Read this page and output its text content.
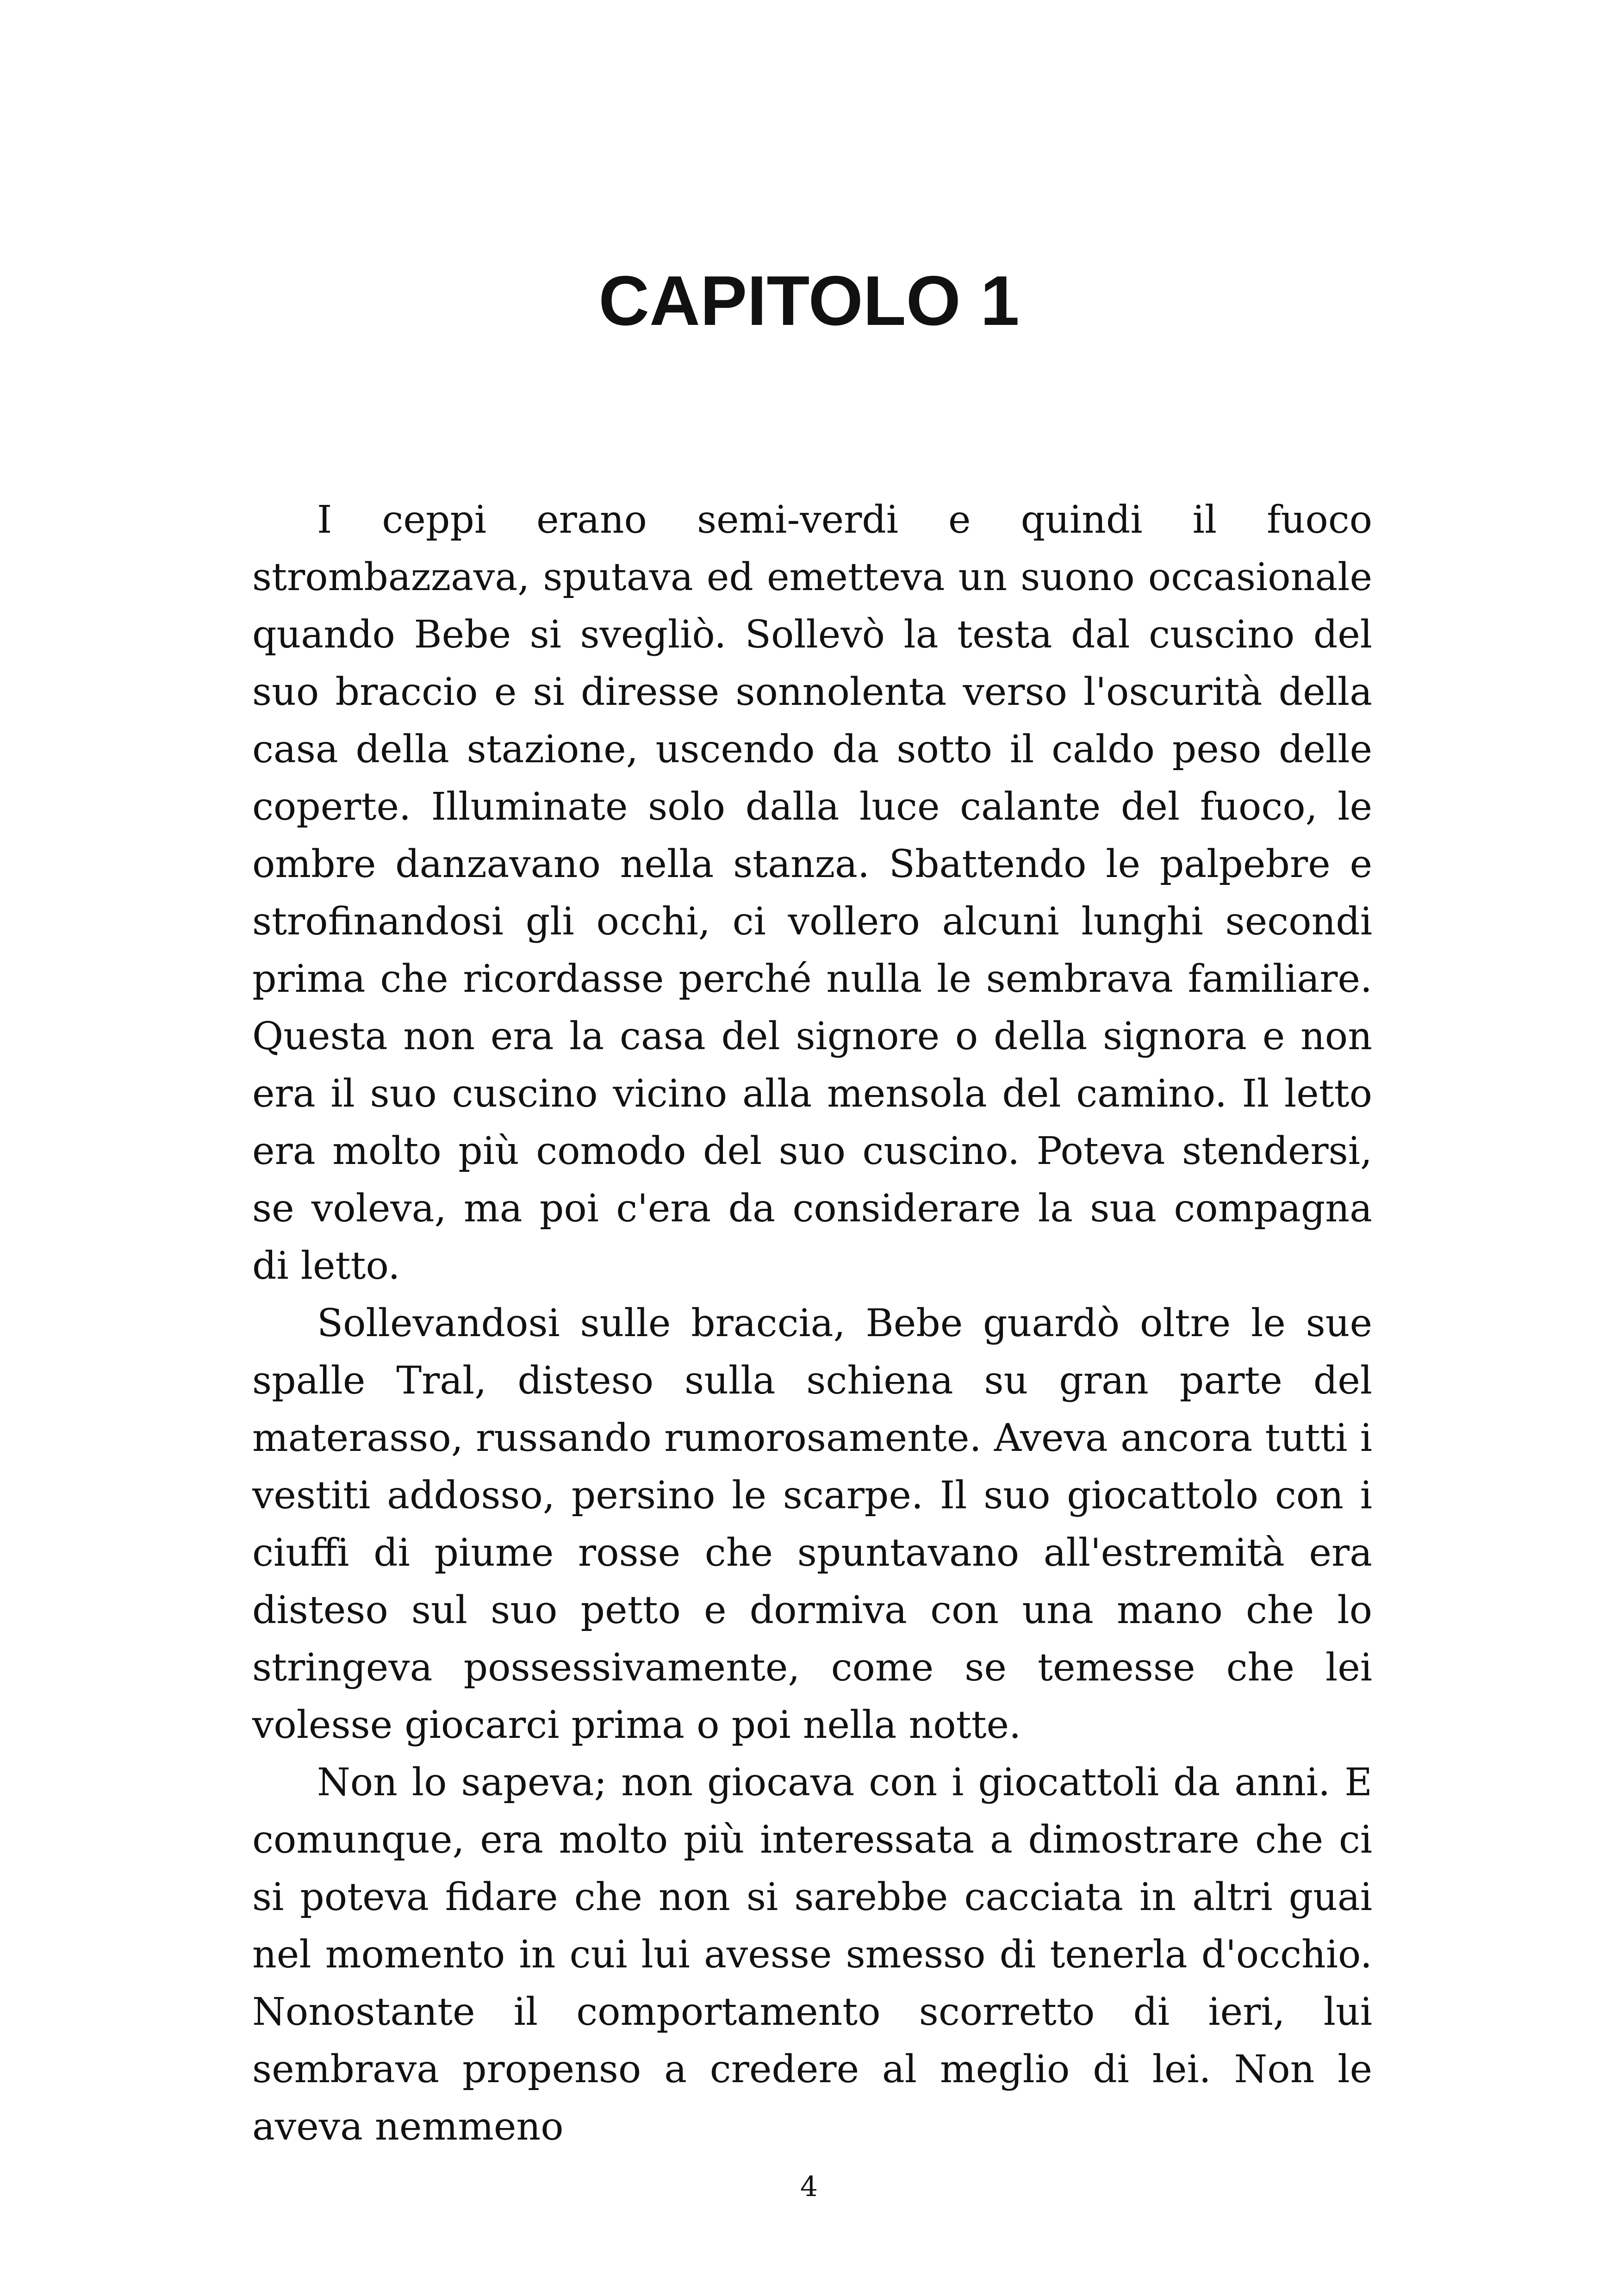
CAPITOLO 1

I ceppi erano semi-verdi e quindi il fuoco strombazzava, sputava ed emetteva un suono occasionale quando Bebe si svegliò. Sollevò la testa dal cuscino del suo braccio e si diresse sonnolenta verso l'oscurità della casa della stazione, uscendo da sotto il caldo peso delle coperte. Illuminate solo dalla luce calante del fuoco, le ombre danzavano nella stanza. Sbattendo le palpebre e strofinandosi gli occhi, ci vollero alcuni lunghi secondi prima che ricordasse perché nulla le sembrava familiare. Questa non era la casa del signore o della signora e non era il suo cuscino vicino alla mensola del camino. Il letto era molto più comodo del suo cuscino. Poteva stendersi, se voleva, ma poi c'era da considerare la sua compagna di letto.

Sollevandosi sulle braccia, Bebe guardò oltre le sue spalle Tral, disteso sulla schiena su gran parte del materasso, russando rumorosamente. Aveva ancora tutti i vestiti addosso, persino le scarpe. Il suo giocattolo con i ciuffi di piume rosse che spuntavano all'estremità era disteso sul suo petto e dormiva con una mano che lo stringeva possessivamente, come se temesse che lei volesse giocarci prima o poi nella notte.

Non lo sapeva; non giocava con i giocattoli da anni. E comunque, era molto più interessata a dimostrare che ci si poteva fidare che non si sarebbe cacciata in altri guai nel momento in cui lui avesse smesso di tenerla d'occhio. Nonostante il comportamento scorretto di ieri, lui sembrava propenso a credere al meglio di lei. Non le aveva nemmeno

4
